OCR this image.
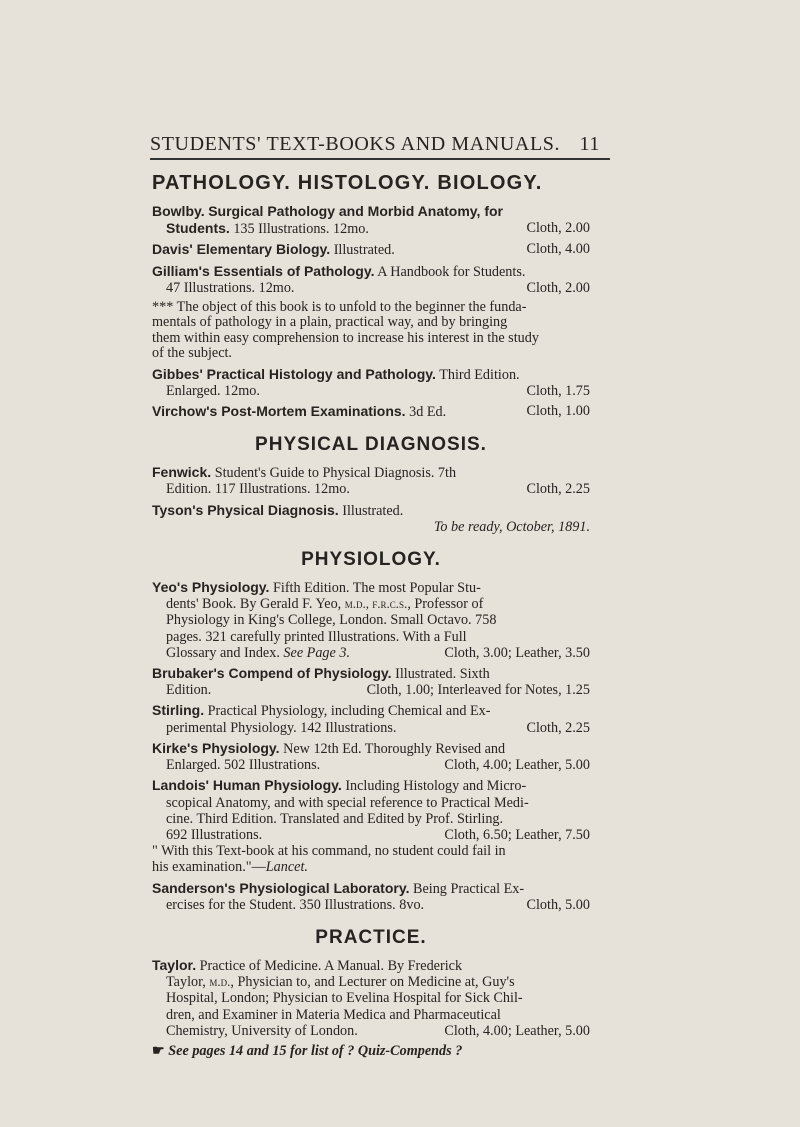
STUDENTS' TEXT-BOOKS AND MANUALS. 11
PATHOLOGY. HISTOLOGY. BIOLOGY.
Bowlby. Surgical Pathology and Morbid Anatomy, for
Students. 135 Illustrations. 12mo.	Cloth, 2.00
Davis' Elementary Biology. Illustrated.	Cloth, 4.00
Gilliam's Essentials of Pathology. A Handbook for Students.
47 Illustrations. 12mo.	Cloth, 2.00
*** The object of this book is to unfold to the beginner the funda-
mentals of pathology in a plain, practical way, and by bringing
them within easy comprehension to increase his interest in the study
of the subject.
Gibbes' Practical Histology and Pathology. Third Edition.
Enlarged. 12mo.	Cloth, 1.75
Virchow's Post-Mortem Examinations. 3d Ed.	Cloth, 1.00
PHYSICAL DIAGNOSIS.
Fenwick. Student's Guide to Physical Diagnosis. 7th
Edition. 117 Illustrations. 12mo.	Cloth, 2.25
Tyson's Physical Diagnosis. Illustrated.
To be ready, October, 1891.
PHYSIOLOGY.
Yeo's Physiology. Fifth Edition. The most Popular Stu-
dents' Book. By Gerald F. Yeo, m.d., f.r.c.s., Professor of
Physiology in King's College, London. Small Octavo. 758
pages. 321 carefully printed Illustrations. With a Full
Glossary and Index. See Page 3.	Cloth, 3.00; Leather, 3.50
Brubaker's Compend of Physiology. Illustrated. Sixth
Edition.	Cloth, 1.00; Interleaved for Notes, 1.25
Stirling. Practical Physiology, including Chemical and Ex-
perimental Physiology. 142 Illustrations.	Cloth, 2.25
Kirke's Physiology. New 12th Ed. Thoroughly Revised and
Enlarged. 502 Illustrations.	Cloth, 4.00; Leather, 5.00
Landois' Human Physiology. Including Histology and Micro-
scopical Anatomy, and with special reference to Practical Medi-
cine. Third Edition. Translated and Edited by Prof. Stirling.
692 Illustrations.	Cloth, 6.50; Leather, 7.50
" With this Text-book at his command, no student could fail in
his examination."—Lancet.
Sanderson's Physiological Laboratory. Being Practical Ex-
ercises for the Student. 350 Illustrations. 8vo.	Cloth, 5.00
PRACTICE.
Taylor. Practice of Medicine. A Manual. By Frederick
Taylor, m.d., Physician to, and Lecturer on Medicine at, Guy's
Hospital, London; Physician to Evelina Hospital for Sick Chil-
dren, and Examiner in Materia Medica and Pharmaceutical
Chemistry, University of London.	Cloth, 4.00; Leather, 5.00
☛ See pages 14 and 15 for list of ? Quiz-Compends ?
